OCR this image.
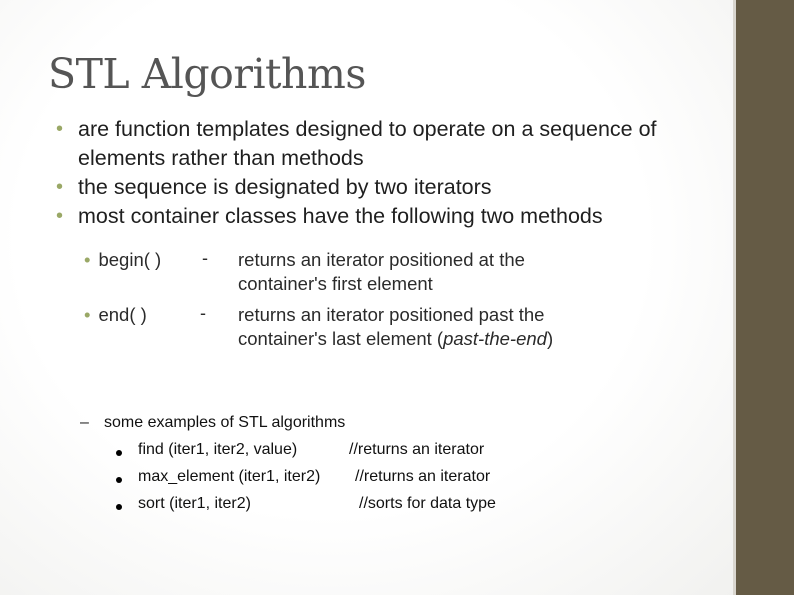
STL Algorithms
• are function templates designed to operate on a sequence of elements rather than methods
• the sequence is designated by two iterators
• most container classes have the following two methods
• begin( ) - returns an iterator positioned at the
container's first element
• end( )	- returns an iterator positioned past the
container's last element (past-the-end)
– some examples of STL algorithms
find (iter1, iter2, value)	//returns an iterator
max_element (iter1, iter2) //returns an iterator
sort (iter1, iter2)	//sorts for data type
